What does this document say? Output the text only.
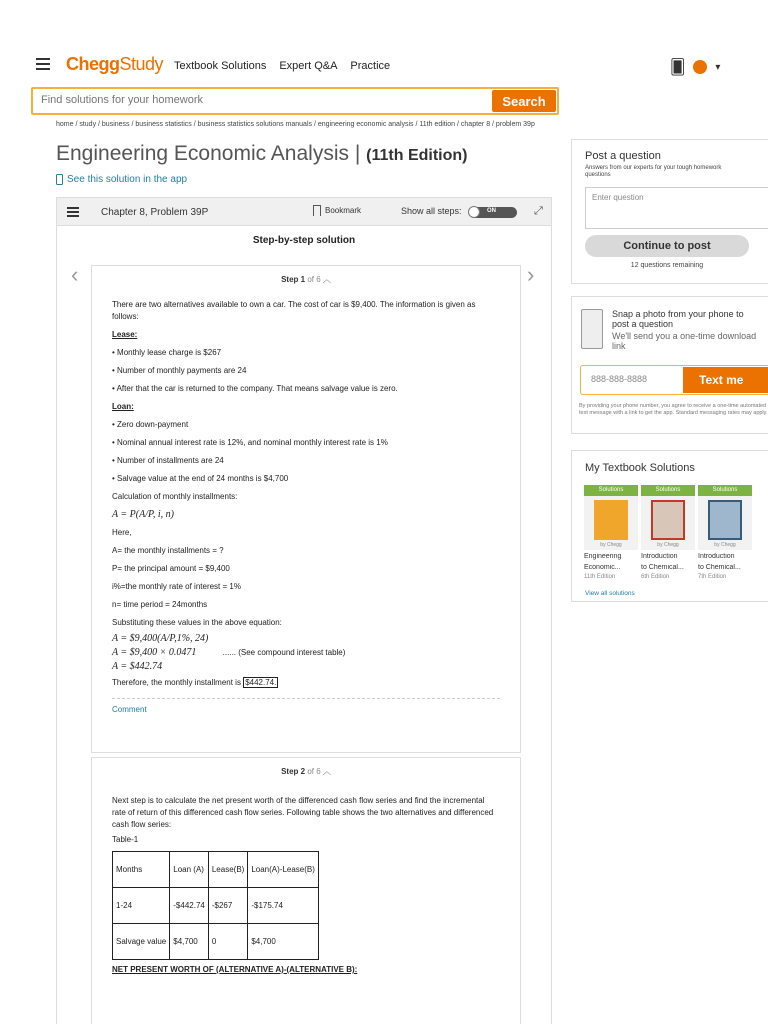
CheggStudy Textbook Solutions Expert Q&A Practice	🂠	▾
Find solutions for your homework
Search
home / study / business / business statistics / business statistics solutions manuals / engineering economic analysis / 11th edition / chapter 8 / problem 39p
Engineering Economic Analysis | (11th Edition)
See this solution in the app
Chapter 8, Problem 39P	Bookmark	Show all steps:	ON	⤢
Step-by-step solution
‹	›
Step 1 of 6 ︿

There are two alternatives available to own a car. The cost of car is $9,400. The information is given as follows:

Lease:

• Monthly lease charge is $267

• Number of monthly payments are 24

• After that the car is returned to the company. That means salvage value is zero.

Loan:

• Zero down-payment

• Nominal annual interest rate is 12%, and nominal monthly interest rate is 1%

• Number of installments are 24

• Salvage value at the end of 24 months is $4,700

Calculation of monthly installments:

A = P(A/P, i, n)

Here,

A= the monthly installments = ?

P= the principal amount = $9,400

i%=the monthly rate of interest = 1%

n= time period = 24months

Substituting these values in the above equation:

A = $9,400(A/P,1%, 24)

A = $9,400 × 0.0471	...... (See compound interest table)

A = $442.74

Therefore, the monthly installment is $442.74.

Comment
Step 2 of 6 ︿

Next step is to calculate the net present worth of the differenced cash flow series and find the incremental rate of return of this differenced cash flow series. Following table shows the two alternatives and differenced cash flow series:

Table-1

Months	Loan (A)	Lease(B)	Loan(A)-Lease(B)
1-24	-$442.74	-$267	-$175.74
Salvage value	$4,700	0	$4,700

NET PRESENT WORTH OF (ALTERNATIVE A)-(ALTERNATIVE B):

Post a question
Answers from our experts for your tough homework questions
Enter question
Continue to post
12 questions remaining
Snap a photo from your phone to post a question
We'll send you a one-time download link
888-888-8888	Text me
By providing your phone number, you agree to receive a one-time automated text message with a link to get the app. Standard messaging rates may apply.
My Textbook Solutions
Solutions
by Chegg
Engineering
Economic...
11th Edition
Solutions
by Chegg
Introduction
to Chemical...
6th Edition
Solutions
by Chegg
Introduction
to Chemical...
7th Edition
View all solutions
